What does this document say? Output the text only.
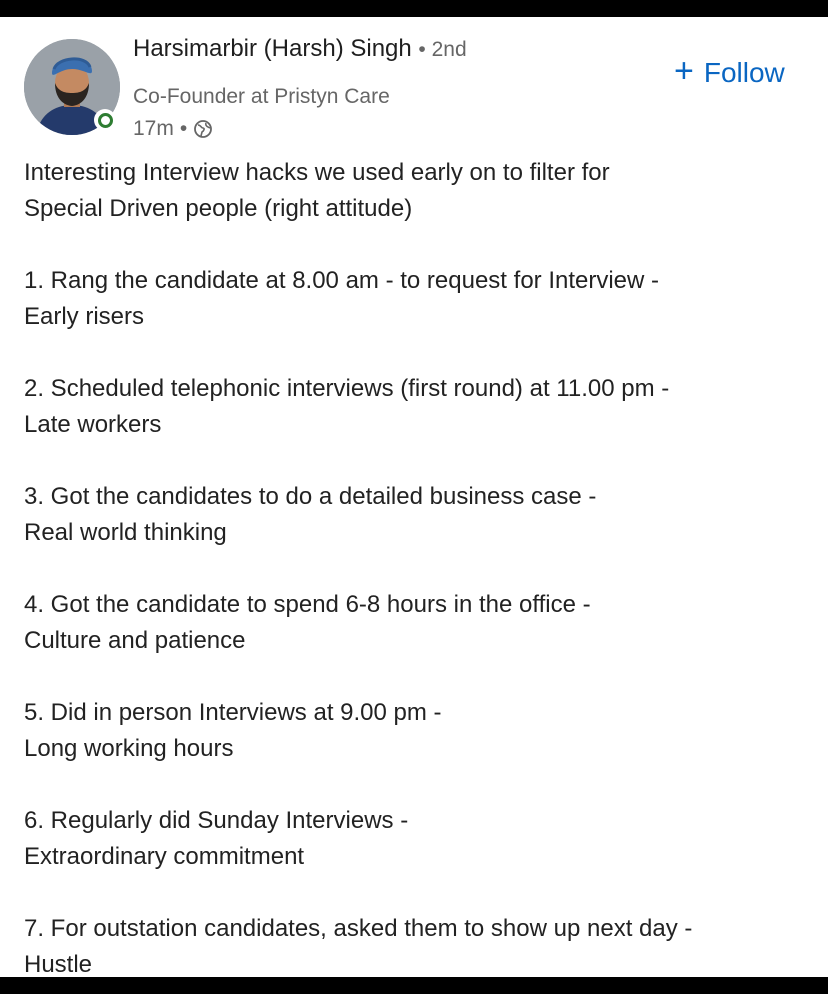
Harsimarbir (Harsh) Singh • 2nd
Co-Founder at Pristyn Care
17m •
+ Follow
Interesting Interview hacks we used early on to filter for
Special Driven people (right attitude)
1. Rang the candidate at 8.00 am - to request for Interview -
Early risers
2. Scheduled telephonic interviews (first round) at 11.00 pm -
Late workers
3. Got the candidates to do a detailed business case -
Real world thinking
4. Got the candidate to spend 6-8 hours in the office -
Culture and patience
5. Did in person Interviews at 9.00 pm -
Long working hours
6. Regularly did Sunday Interviews -
Extraordinary commitment
7. For outstation candidates, asked them to show up next day -
Hustle
